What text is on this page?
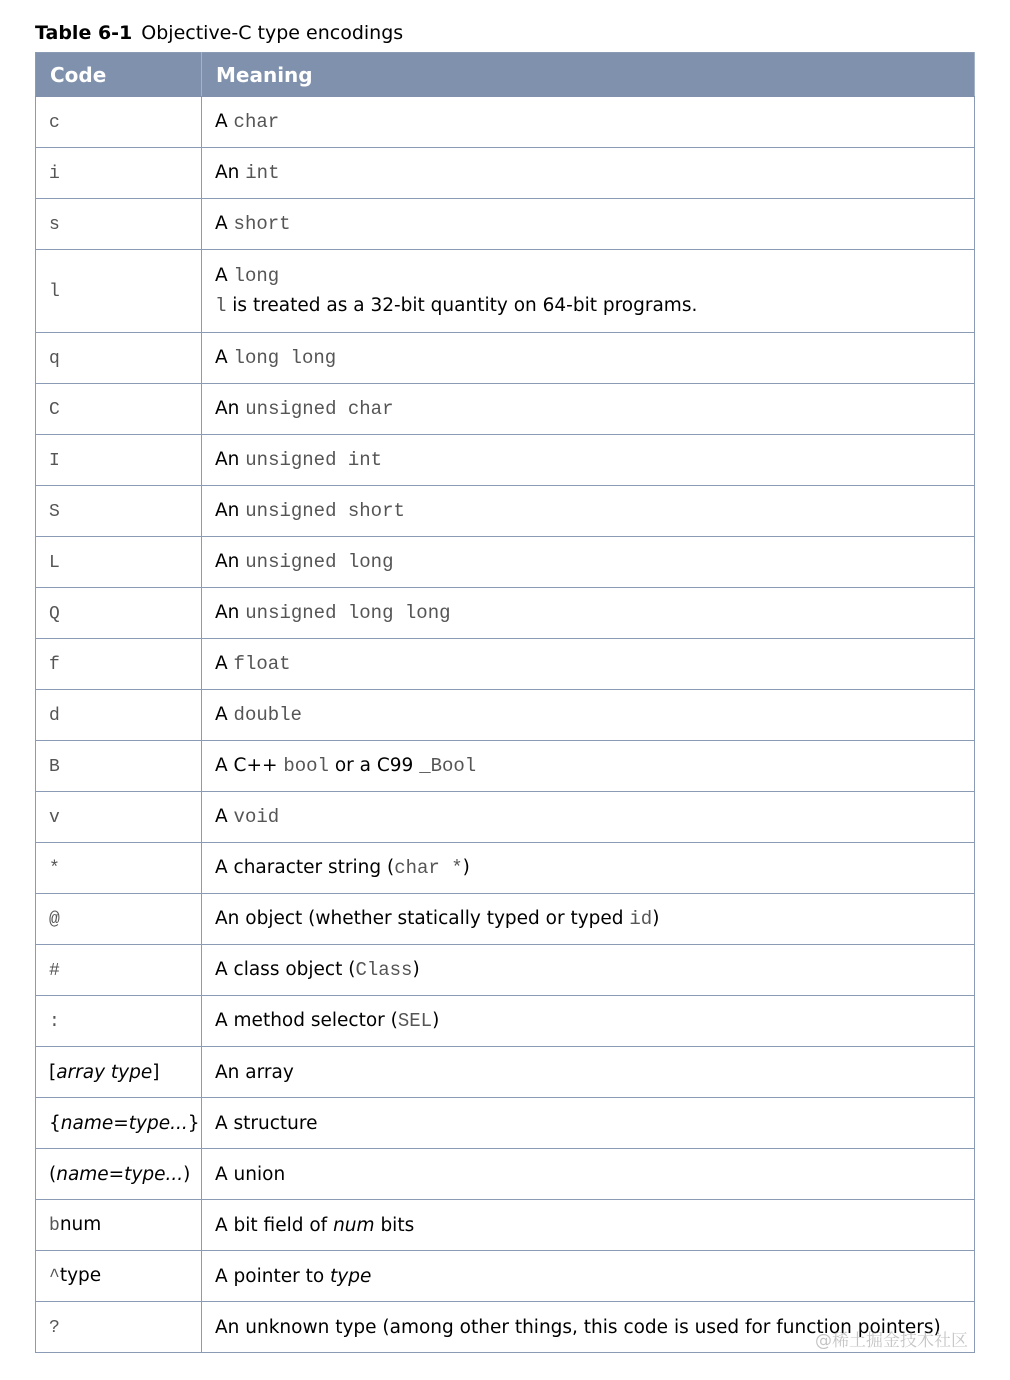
Table 6-1 Objective-C type encodings
Code	Meaning
c	A char
i	An int
s	A short
l	A long
l is treated as a 32-bit quantity on 64-bit programs.

q	A long long
C	An unsigned char
I	An unsigned int
S	An unsigned short
L	An unsigned long
Q	An unsigned long long
f	A float
d	A double
B	A C++ bool or a C99 _Bool
v	A void
*	A character string (char *)
@	An object (whether statically typed or typed id)
#	A class object (Class)
:	A method selector (SEL)
[array type]	An array
{name=type...}	A structure
(name=type...)	A union
bnum	A bit field of num bits
^type	A pointer to type
?	An unknown type (among other things, this code is used for function pointers)
@稀土掘金技术社区
